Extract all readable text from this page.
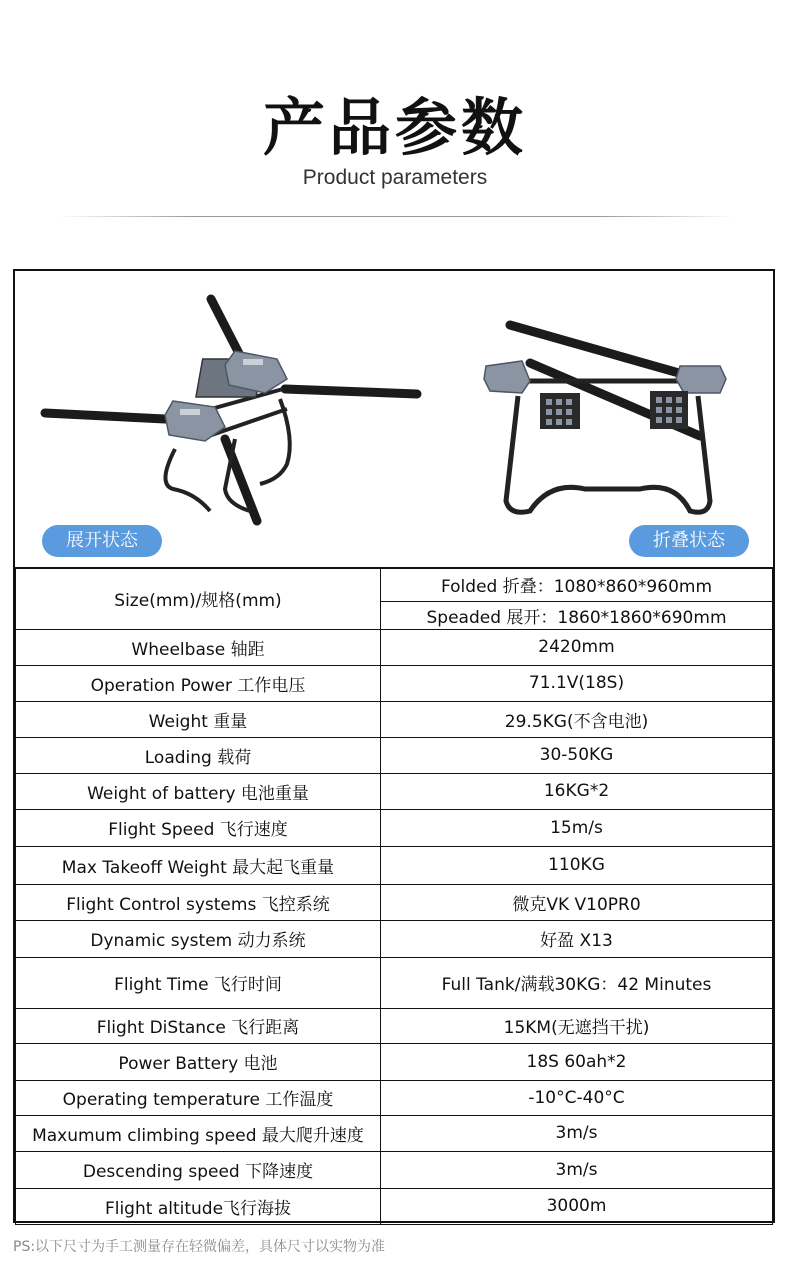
产品参数
Product parameters
展开状态	折叠状态
Size(mm)/规格(mm)	Folded 折叠：1080*860*960mm
	Speaded 展开：1860*1860*690mm
Wheelbase 轴距	2420mm
Operation Power 工作电压	71.1V(18S)
Weight 重量	29.5KG(不含电池)
Loading 载荷	30-50KG
Weight of battery 电池重量	16KG*2
Flight Speed 飞行速度	15m/s
Max Takeoff Weight 最大起飞重量	110KG
Flight Control systems 飞控系统	微克VK V10PR0
Dynamic system 动力系统	好盈 X13
Flight Time 飞行时间	Full Tank/满载30KG：42 Minutes
Flight DiStance 飞行距离	15KM(无遮挡干扰)
Power Battery 电池	18S 60ah*2
Operating temperature 工作温度	-10°C-40°C
Maxumum climbing speed 最大爬升速度	3m/s
Descending speed 下降速度	3m/s
Flight altitude飞行海拔	3000m
PS:以下尺寸为手工测量存在轻微偏差，具体尺寸以实物为准
